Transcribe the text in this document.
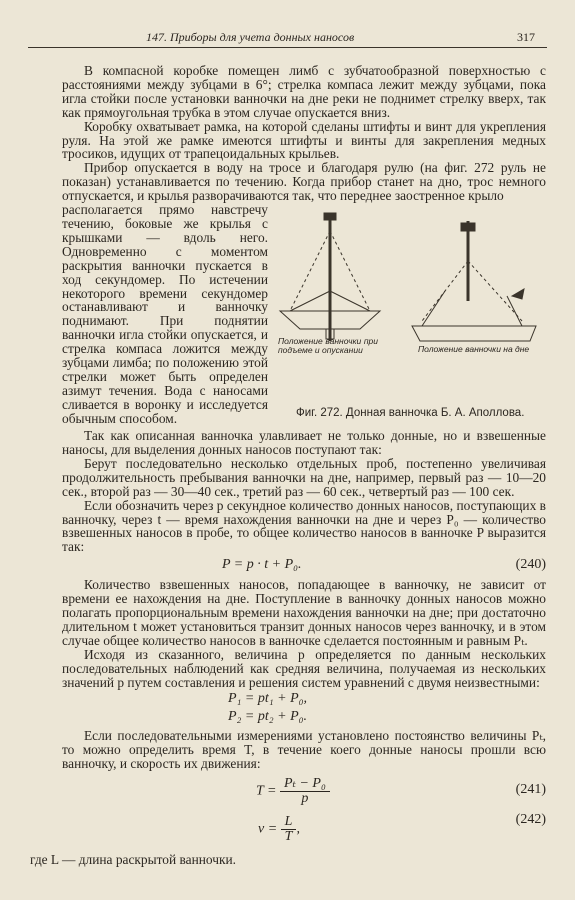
147. Приборы для учета донных наносов	317

В компасной коробке помещен лимб с зубчатообразной поверхностью с расстояниями между зубцами в 6°; стрелка компаса лежит между зубцами, пока игла стойки после установки ванночки на дне реки не поднимет стрелку вверх, так как прямоугольная трубка в этом случае опускается вниз.

Коробку охватывает рамка, на которой сделаны штифты и винт для укрепления руля. На этой же рамке имеются штифты и винты для закрепления медных тросиков, идущих от трапецоидальных крыльев.

Прибор опускается в воду на тросе и благодаря рулю (на фиг. 272 руль не показан) устанавливается по течению. Когда прибор станет на дно, трос немного отпускается, и крылья разворачиваются так, что переднее заостренное крыло

располагается прямо навстречу течению, боковые же крылья с крышками — вдоль него. Одновременно с моментом раскрытия ванночки пускается в ход секундомер. По истечении некоторого времени секундомер останавливают и ванночку поднимают. При поднятии ванночки игла стойки опускается, и стрелка компаса ложится между зубцами лимба; по положению этой стрелки может быть определен азимут течения. Вода с наносами сливается в воронку и исследуется обычным способом.

Положение ванночки при подъеме и опускании	Положение ванночки на дне
Фиг. 272. Донная ванночка Б. А. Аполлова.

Так как описанная ванночка улавливает не только донные, но и взвешенные наносы, для выделения донных наносов поступают так:

Берут последовательно несколько отдельных проб, постепенно увеличивая продолжительность пребывания ванночки на дне, например, первый раз — 10—20 сек., второй раз — 30—40 сек., третий раз — 60 сек., четвертый раз — 100 сек.

Если обозначить через p секундное количество донных наносов, поступающих в ванночку, через t — время нахождения ванночки на дне и через P₀ — количество взвешенных наносов в пробе, то общее количество наносов в ванночке P выразится так:

P = p · t + P₀.	(240)

Количество взвешенных наносов, попадающее в ванночку, не зависит от времени ее нахождения на дне. Поступление в ванночку донных наносов можно полагать пропорциональным времени нахождения ванночки на дне; при достаточно длительном t может установиться транзит донных наносов через ванночку, и в этом случае общее количество наносов в ванночке сделается постоянным и равным Pₜ.

Исходя из сказанного, величина p определяется по данным нескольких последовательных наблюдений как средняя величина, получаемая из нескольких значений p путем составления и решения систем уравнений с двумя неизвестными:

P₁ = pt₁ + P₀,
P₂ = pt₂ + P₀.

Если последовательными измерениями установлено постоянство величины Pₜ, то можно определить время T, в течение коего донные наносы прошли всю ванночку, и скорость их движения:

$T = \frac{\text{Pₜ − P₀}}{p}$	(241)
$v = \frac{L}{T}$ ,
(242)

где L — длина раскрытой ванночки.
